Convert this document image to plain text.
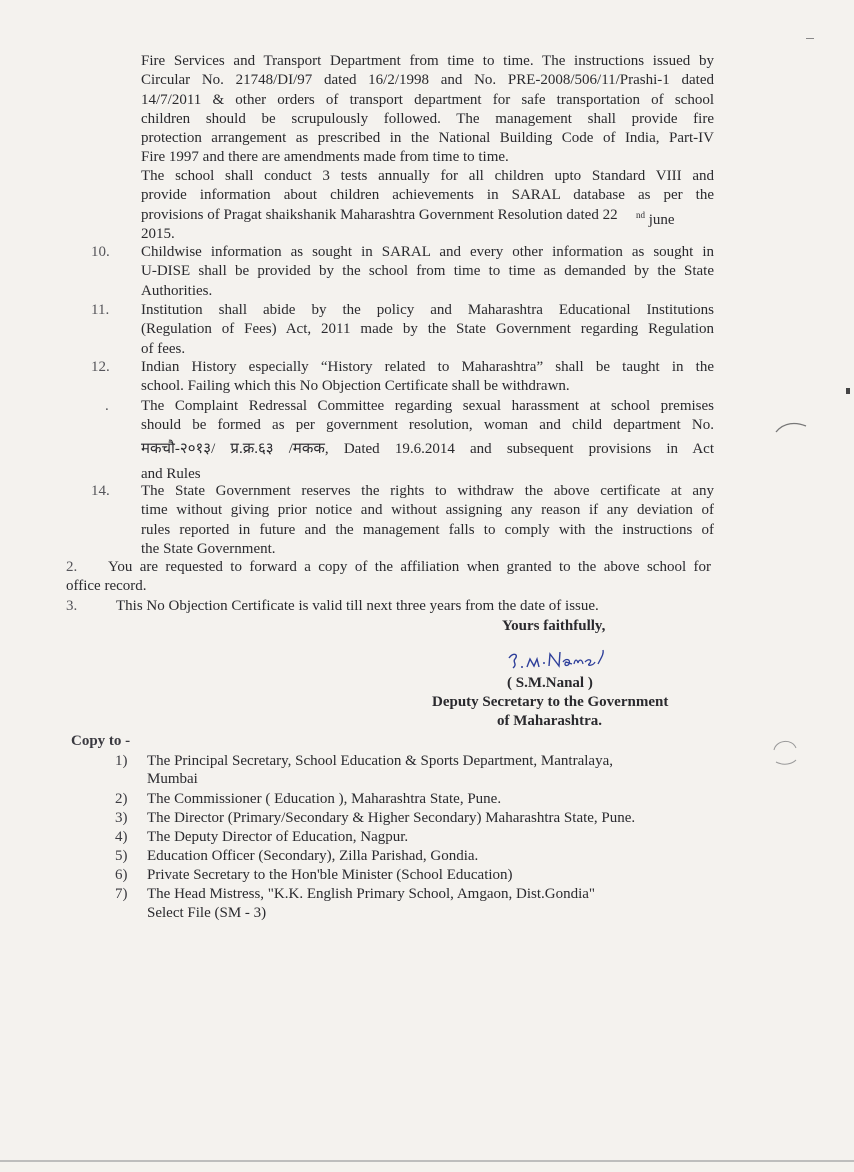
Fire Services and Transport Department from time to time. The instructions issued by
Circular No. 21748/DI/97 dated 16/2/1998 and No. PRE-2008/506/11/Prashi-1 dated
14/7/2011 & other orders of transport department for safe transportation of school
children should be scrupulously followed. The management shall provide fire
protection arrangement as prescribed in the National Building Code of India, Part-IV
Fire 1997 and there are amendments made from time to time.
The school shall conduct 3 tests annually for all children upto Standard VIII and
provide information about children achievements in SARAL database as per the
provisions of Pragat shaikshanik Maharashtra Government Resolution dated 22
2015.
$^{nd}$ june
10. Childwise information as sought in SARAL and every other information as sought in
U-DISE shall be provided by the school from time to time as demanded by the State
Authorities.
11. Institution shall abide by the policy and Maharashtra Educational Institutions
(Regulation of Fees) Act, 2011 made by the State Government regarding Regulation
of fees.
12. Indian History especially “History related to Maharashtra” shall be taught in the
school. Failing which this No Objection Certificate shall be withdrawn.
. The Complaint Redressal Committee regarding sexual harassment at school premises
should be formed as per government resolution, woman and child department No.
मकचौ-२०१३/ प्र.क्र.६३ /मकक, Dated 19.6.2014 and subsequent provisions in Act
and Rules
14. The State Government reserves the rights to withdraw the above certificate at any
time without giving prior notice and without assigning any reason if any deviation of
rules reported in future and the management falls to comply with the instructions of
the State Government.
2. You are requested to forward a copy of the affiliation when granted to the above school for
office record.
3.	This No Objection Certificate is valid till next three years from the date of issue.
Yours faithfully,
( S.M.Nanal )
Deputy Secretary to the Government
of Maharashtra.
Copy to -
1)	The Principal Secretary, School Education & Sports Department, Mantralaya,
Mumbai
2)	The Commissioner ( Education ), Maharashtra State, Pune.
3)	The Director (Primary/Secondary & Higher Secondary) Maharashtra State, Pune.
4)	The Deputy Director of Education, Nagpur.
5)	Education Officer (Secondary), Zilla Parishad, Gondia.
6)	Private Secretary to the Hon'ble Minister (School Education)
7)	The Head Mistress, "K.K. English Primary School, Amgaon, Dist.Gondia"
Select File (SM - 3)
